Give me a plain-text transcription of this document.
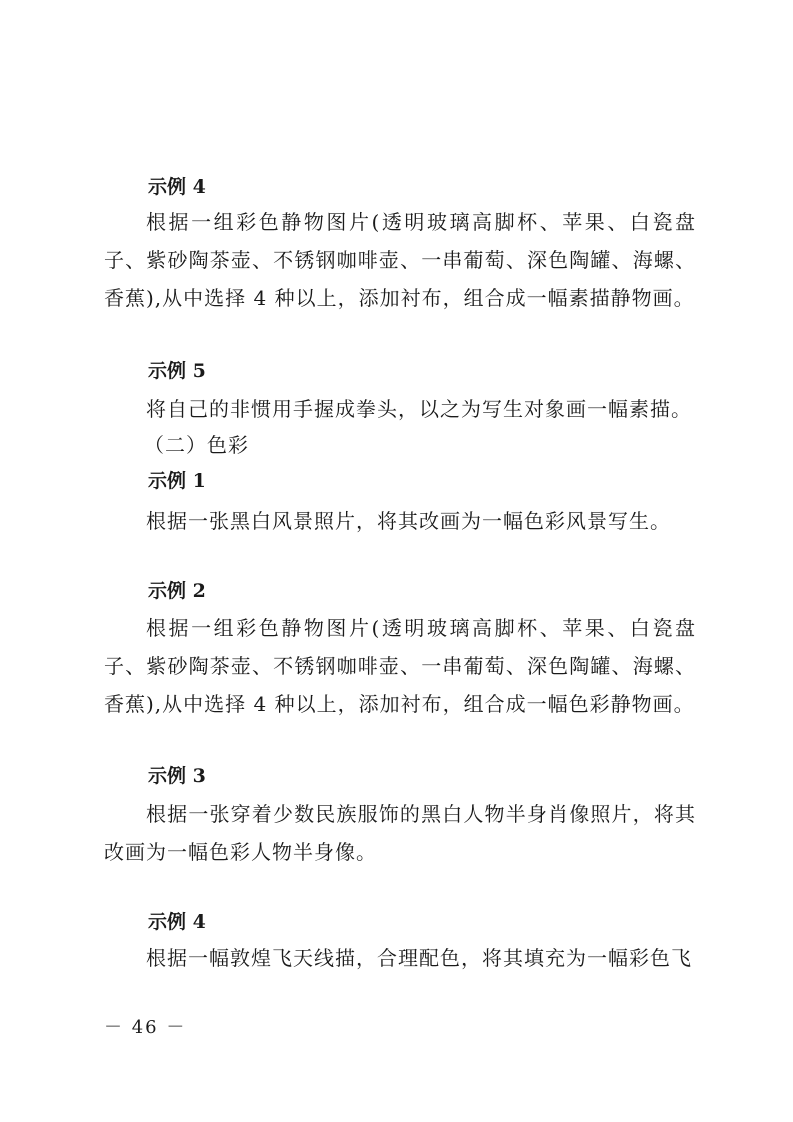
示例 4

根据一组彩色静物图片(透明玻璃高脚杯、苹果、白瓷盘子、紫砂陶茶壶、不锈钢咖啡壶、一串葡萄、深色陶罐、海螺、香蕉),从中选择 4 种以上，添加衬布，组合成一幅素描静物画。

示例 5

将自己的非惯用手握成拳头，以之为写生对象画一幅素描。

（二）色彩

示例 1

根据一张黑白风景照片，将其改画为一幅色彩风景写生。

示例 2

根据一组彩色静物图片(透明玻璃高脚杯、苹果、白瓷盘子、紫砂陶茶壶、不锈钢咖啡壶、一串葡萄、深色陶罐、海螺、香蕉),从中选择 4 种以上，添加衬布，组合成一幅色彩静物画。

示例 3

根据一张穿着少数民族服饰的黑白人物半身肖像照片，将其改画为一幅色彩人物半身像。

示例 4

根据一幅敦煌飞天线描，合理配色，将其填充为一幅彩色飞

－ 46 －
